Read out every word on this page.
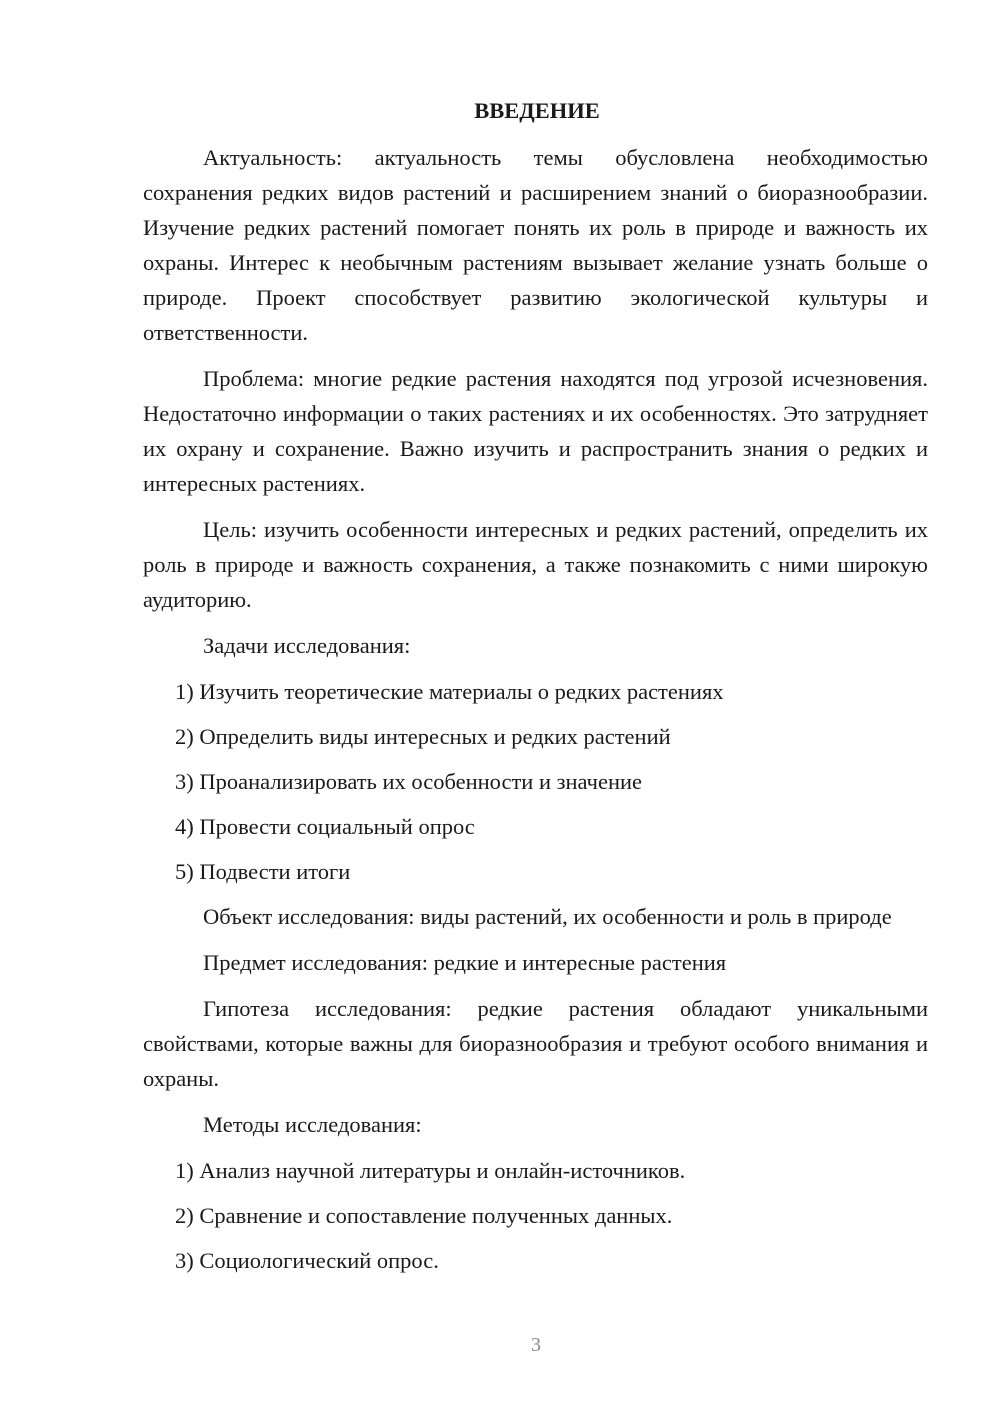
ВВЕДЕНИЕ

Актуальность: актуальность темы обусловлена необходимостью сохранения редких видов растений и расширением знаний о биоразнообразии. Изучение редких растений помогает понять их роль в природе и важность их охраны. Интерес к необычным растениям вызывает желание узнать больше о природе. Проект способствует развитию экологической культуры и ответственности.

Проблема: многие редкие растения находятся под угрозой исчезновения. Недостаточно информации о таких растениях и их особенностях. Это затрудняет их охрану и сохранение. Важно изучить и распространить знания о редких и интересных растениях.

Цель: изучить особенности интересных и редких растений, определить их роль в природе и важность сохранения, а также познакомить с ними широкую аудиторию.

Задачи исследования:

1) Изучить теоретические материалы о редких растениях
2) Определить виды интересных и редких растений
3) Проанализировать их особенности и значение
4) Провести социальный опрос
5) Подвести итоги

Объект исследования: виды растений, их особенности и роль в природе

Предмет исследования: редкие и интересные растения

Гипотеза исследования: редкие растения обладают уникальными свойствами, которые важны для биоразнообразия и требуют особого внимания и охраны.

Методы исследования:

1) Анализ научной литературы и онлайн-источников.
2) Сравнение и сопоставление полученных данных.
3) Социологический опрос.
3
